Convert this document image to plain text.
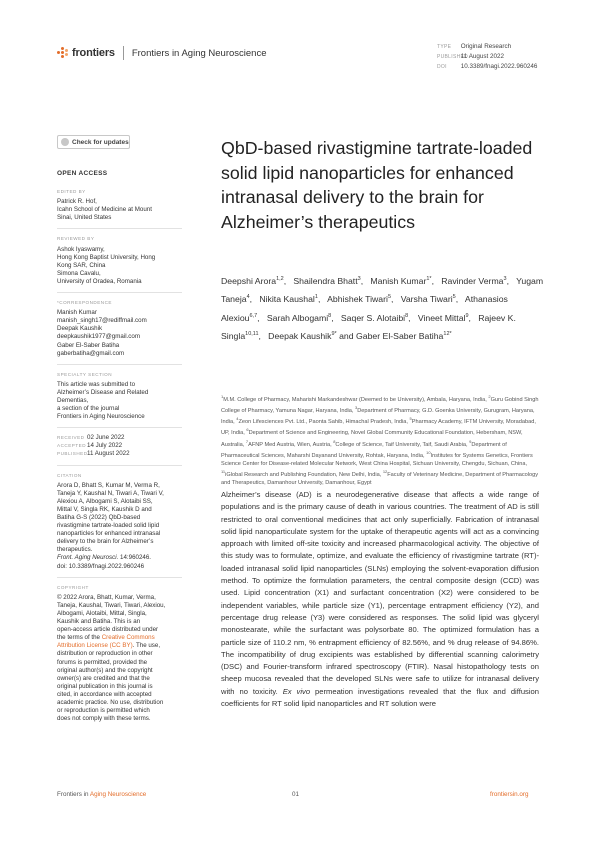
frontiers Frontiers in Aging Neuroscience
TYPE Original Research
PUBLISHED 11 August 2022
DOI 10.3389/fnagi.2022.960246
Check for updates
OPEN ACCESS
EDITED BY
Patrick R. Hof,
Icahn School of Medicine at Mount
Sinai, United States
REVIEWED BY
Ashok Iyaswamy,
Hong Kong Baptist University, Hong
Kong SAR, China
Simona Cavalu,
University of Oradea, Romania
*CORRESPONDENCE
Manish Kumar
manish_singh17@rediffmail.com
Deepak Kaushik
deepkaushik1977@gmail.com
Gaber El-Saber Batiha
gaberbatiha@gmail.com
SPECIALTY SECTION
This article was submitted to
Alzheimer’s Disease and Related
Dementias,
a section of the journal
Frontiers in Aging Neuroscience
RECEIVED 02 June 2022
ACCEPTED14 July 2022
PUBLISHED11 August 2022
CITATION
Arora D, Bhatt S, Kumar M, Verma R,
Taneja Y, Kaushal N, Tiwari A, Tiwari V,
Alexiou A, Albogami S, Alotaibi SS,
Mittal V, Singla RK, Kaushik D and
Batiha G-S (2022) QbD-based
rivastigmine tartrate-loaded solid lipid
nanoparticles for enhanced intranasal
delivery to the brain for Alzheimer’s
therapeutics.
Front. Aging Neurosci. 14:960246.
doi: 10.3389/fnagi.2022.960246
COPYRIGHT
© 2022 Arora, Bhatt, Kumar, Verma,
Taneja, Kaushal, Tiwari, Tiwari, Alexiou,
Albogami, Alotaibi, Mittal, Singla,
Kaushik and Batiha. This is an
open-access article distributed under
the terms of the Creative Commons
Attribution License (CC BY). The use,
distribution or reproduction in other
forums is permitted, provided the
original author(s) and the copyright
owner(s) are credited and that the
original publication in this journal is
cited, in accordance with accepted
academic practice. No use, distribution
or reproduction is permitted which
does not comply with these terms.
QbD-based rivastigmine tartrate-loaded solid lipid nanoparticles for enhanced intranasal delivery to the brain for Alzheimer’s therapeutics
Deepshi Arora$^{1,2}$,   Shailendra Bhatt$^3$,   Manish Kumar$^{1*}$,   Ravinder Verma$^3$,   Yugam Taneja$^4$,   Nikita Kaushal$^1$,   Abhishek Tiwari$^5$,   Varsha Tiwari$^5$,   Athanasios Alexiou$^{6,7}$,   Sarah Albogami$^8$,   Saqer S. Alotaibi$^8$,   Vineet Mittal$^9$,   Rajeev K. Singla$^{10,11}$,   Deepak Kaushik$^{9*}$ and Gaber El-Saber Batiha$^{12*}$
$^1$M.M. College of Pharmacy, Maharishi Markandeshwar (Deemed to be University), Ambala, Haryana, India, $^2$Guru Gobind Singh College of Pharmacy, Yamuna Nagar, Haryana, India, $^3$Department of Pharmacy, G.D. Goenka University, Gurugram, Haryana, India, $^4$Zeon Lifesciences Pvt. Ltd., Paonta Sahib, Himachal Pradesh, India, $^5$Pharmacy Academy, IFTM University, Moradabad, UP, India, $^6$Department of Science and Engineering, Novel Global Community Educational Foundation, Hebersham, NSW, Australia, $^7$AFNP Med Austria, Wien, Austria, $^8$College of Science, Taif University, Taif, Saudi Arabia, $^9$Department of Pharmaceutical Sciences, Maharshi Dayanand University, Rohtak, Haryana, India, $^{10}$Institutes for Systems Genetics, Frontiers Science Center for Disease-related Molecular Network, West China Hospital, Sichuan University, Chengdu, Sichuan, China, $^{11}$iGlobal Research and Publishing Foundation, New Delhi, India, $^{12}$Faculty of Veterinary Medicine, Department of Pharmacology and Therapeutics, Damanhour University, Damanhour, Egypt
Alzheimer’s disease (AD) is a neurodegenerative disease that affects a wide range of populations and is the primary cause of death in various countries. The treatment of AD is still restricted to oral conventional medicines that act only superficially. Fabrication of intranasal solid lipid nanoparticulate system for the uptake of therapeutic agents will act as a convincing approach with limited off-site toxicity and increased pharmacological activity. The objective of this study was to formulate, optimize, and evaluate the efficiency of rivastigmine tartrate (RT)-loaded intranasal solid lipid nanoparticles (SLNs) employing the solvent-evaporation diffusion method. To optimize the formulation parameters, the central composite design (CCD) was used. Lipid concentration (X1) and surfactant concentration (X2) were considered to be independent variables, while particle size (Y1), percentage entrapment efficiency (Y2), and percentage drug release (Y3) were considered as responses. The solid lipid was glyceryl monostearate, while the surfactant was polysorbate 80. The optimized formulation has a particle size of 110.2 nm, % entrapment efficiency of 82.56%, and % drug release of 94.86%. The incompatibility of drug excipients was established by differential scanning calorimetry (DSC) and Fourier-transform infrared spectroscopy (FTIR). Nasal histopathology tests on sheep mucosa revealed that the developed SLNs were safe to utilize for intranasal delivery with no toxicity. Ex vivo permeation investigations revealed that the flux and diffusion coefficients for RT solid lipid nanoparticles and RT solution were
Frontiers in Aging Neuroscience	01	frontiersin.org
